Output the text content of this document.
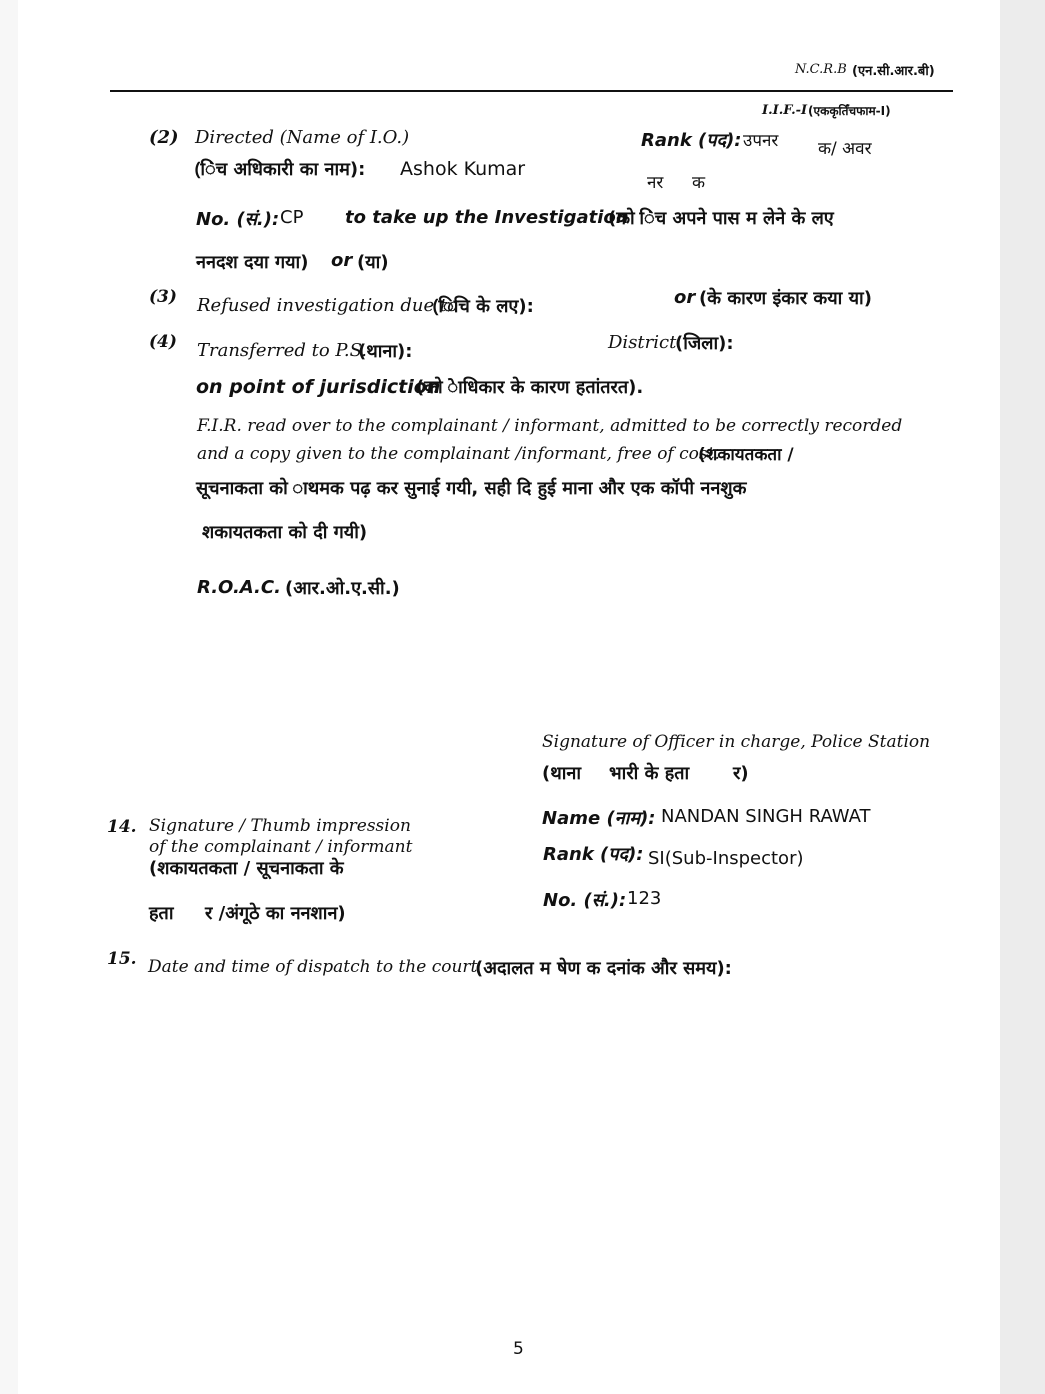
N.C.R.B (एन.सी.आर.बी)
I.I.F.-I (एककृतिँचफाम-I)
(2) Directed (Name of I.O.)
(िंच अधिकारी का नाम): Ashok Kumar
Rank (पद): उपनर क/ अवर
नर क
No. (सं.): CP to take up the Investigation
(को िंच अपने पास म लेने के लए
ननदश दया गया) or (या)
(3) Refused investigation due to
(िचि के लए):	or (के कारण इंकार कया या)
(4) Transferred to P.S.
(थाना):	District
(जिला):
on point of jurisdiction
(को ेाधिकार के कारण हतांतरत).
F.I.R. read over to the complainant / informant, admitted to be correctly recorded
and a copy given to the complainant /informant, free of cost.
(शकायतकता /
सूचनाकता को ाथमक पढ़ कर सुनाई गयी, सही दि हुई माना और एक कॉपी ननशुक
शकायतकता को दी गयी)
R.O.A.C. (आर.ओ.ए.सी.)
Signature of Officer in charge, Police Station
(थाना भारी के हता र)
Name (नाम): NANDAN SINGH RAWAT
Rank (पद): SI(Sub-Inspector)
No. (सं.): 123
14. Signature / Thumb impression
of the complainant / informant
(शकायतकता / सूचनाकता के
हता र /अंगूठे का ननशान)
15. Date and time of dispatch to the court
(अदालत म षेण क दनांक और समय):
5
